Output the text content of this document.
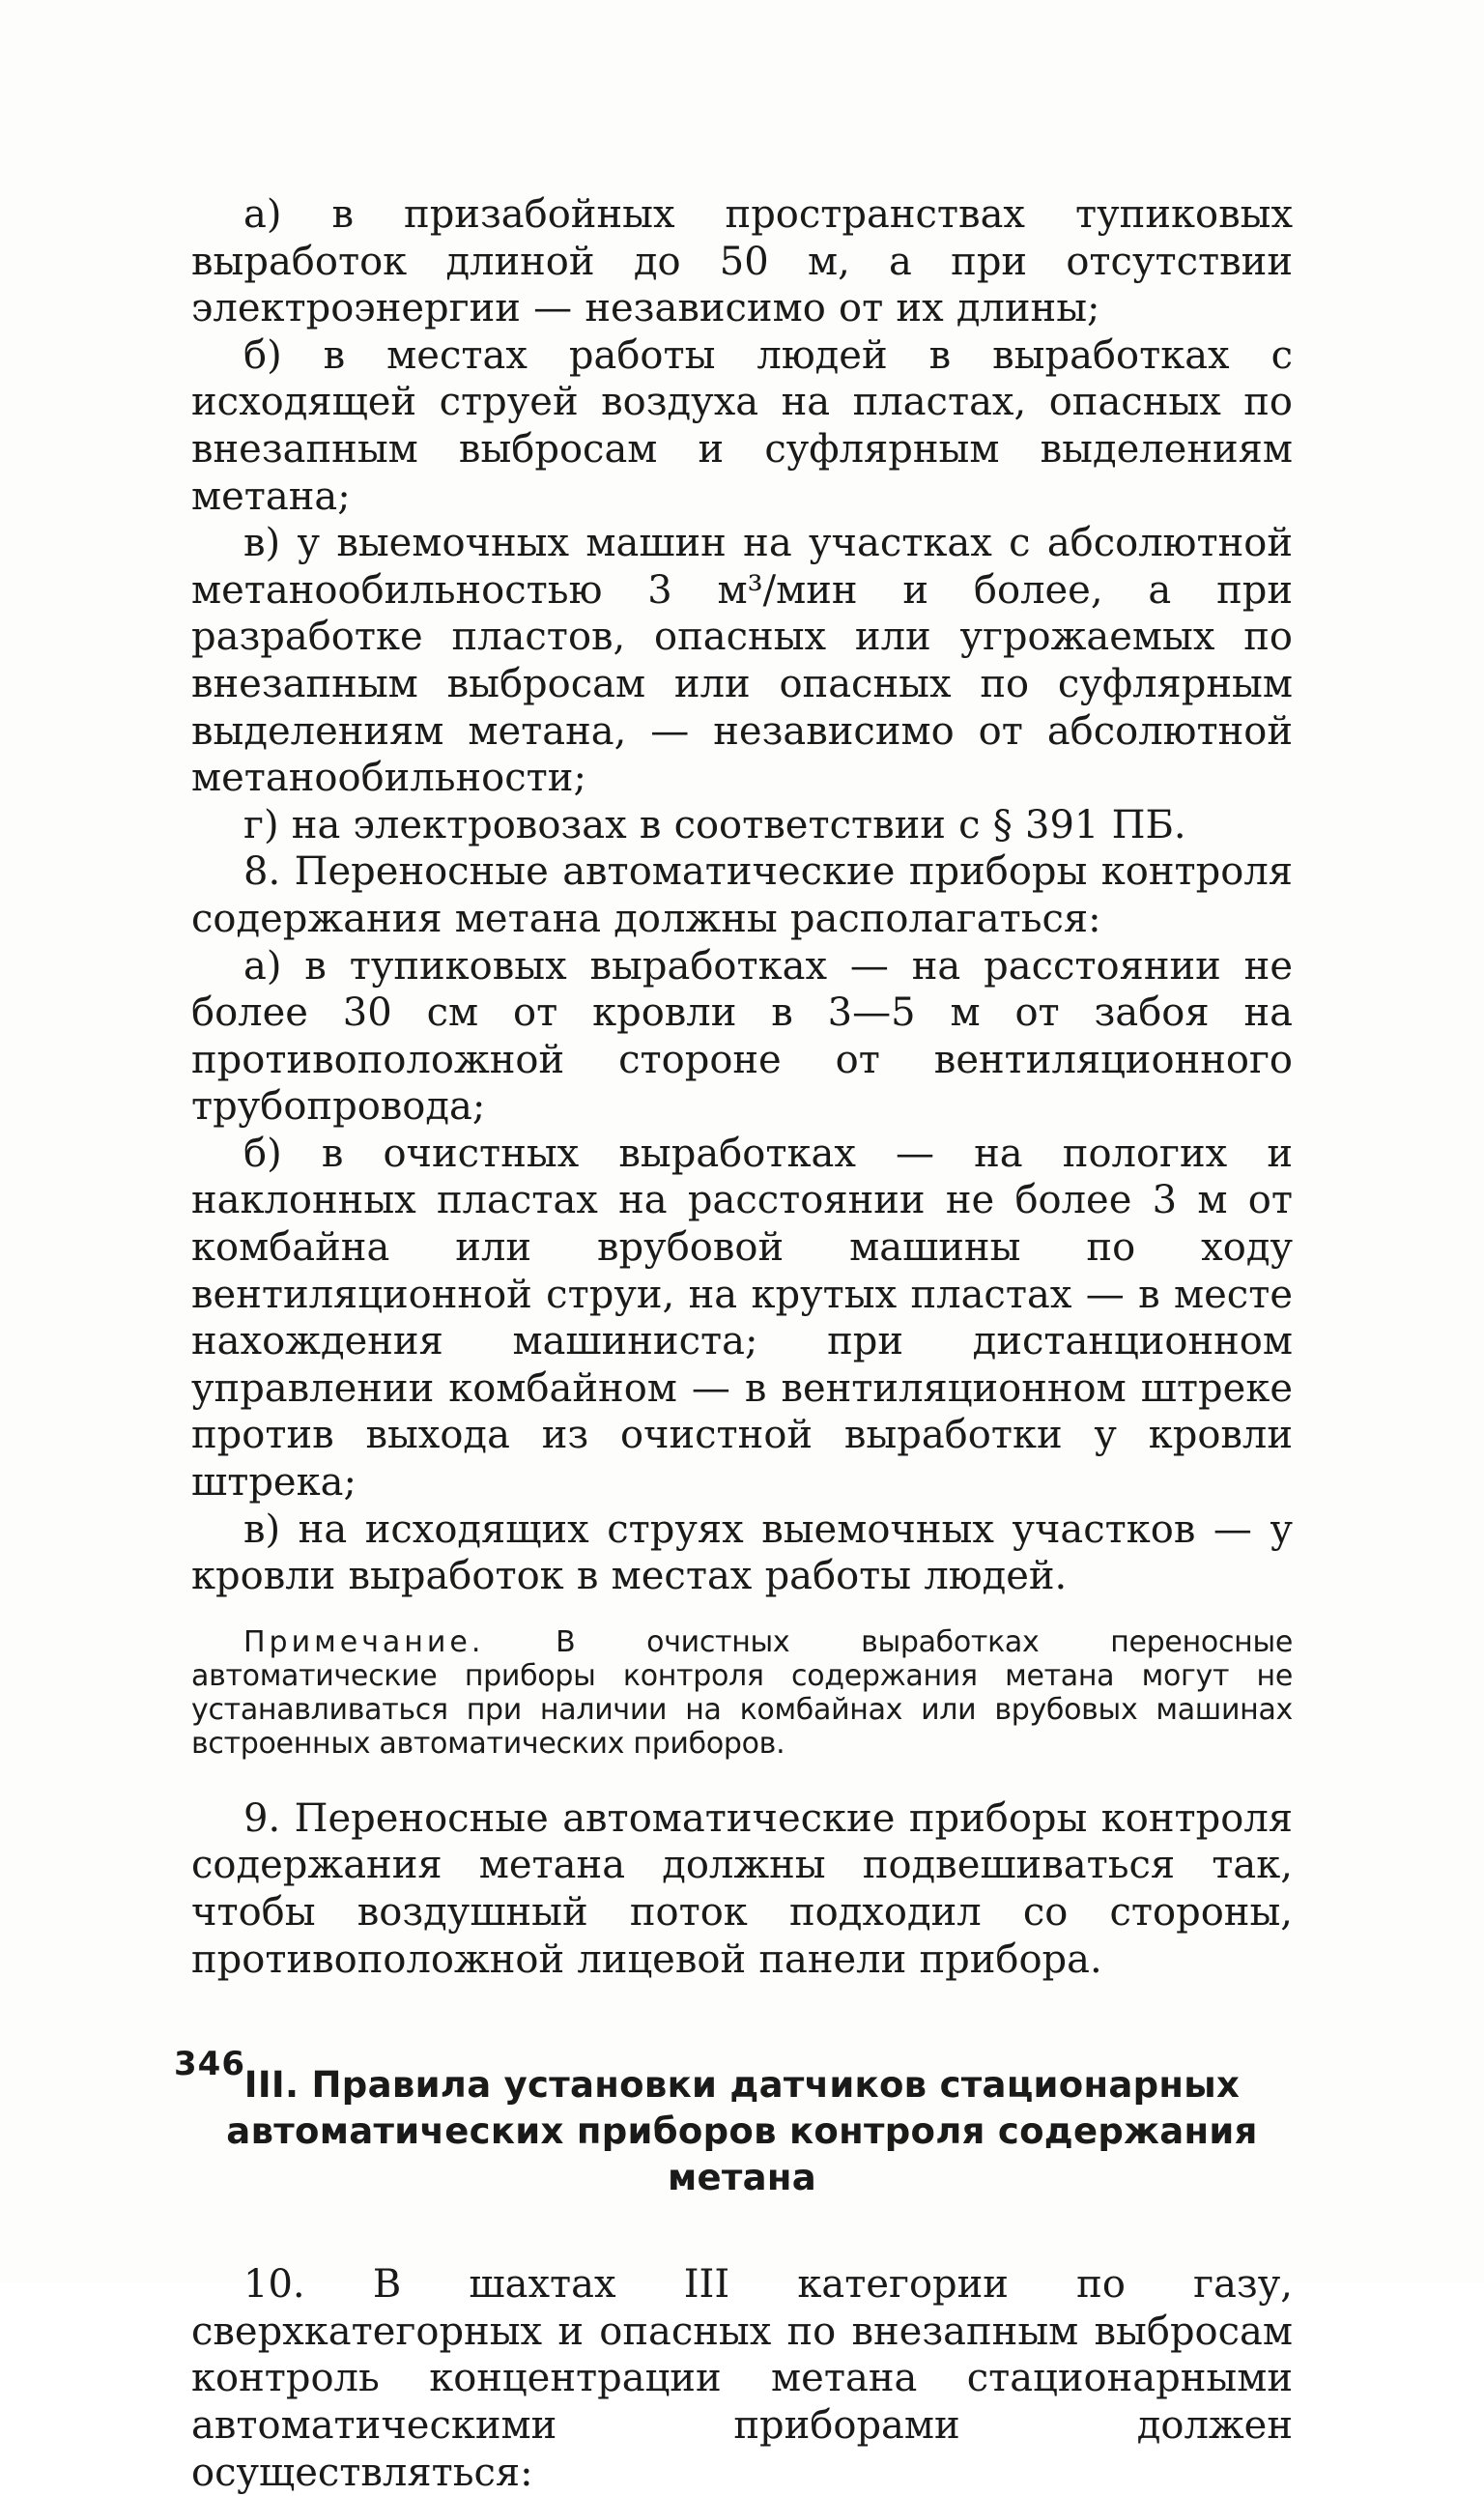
а) в призабойных пространствах тупиковых выработок длиной до 50 м, а при отсутствии электроэнергии — независимо от их длины;

б) в местах работы людей в выработках с исходящей струей воздуха на пластах, опасных по внезапным выбросам и суфлярным выделениям метана;

в) у выемочных машин на участках с абсолютной метанообильностью 3 м³/мин и более, а при разработке пластов, опасных или угрожаемых по внезапным выбросам или опасных по суфлярным выделениям метана, — независимо от абсолютной метанообильности;

г) на электровозах в соответствии с § 391 ПБ.

8. Переносные автоматические приборы контроля содержания метана должны располагаться:

а) в тупиковых выработках — на расстоянии не более 30 см от кровли в 3—5 м от забоя на противоположной стороне от вентиляционного трубопровода;

б) в очистных выработках — на пологих и наклонных пластах на расстоянии не более 3 м от комбайна или врубовой машины по ходу вентиляционной струи, на крутых пластах — в месте нахождения машиниста; при дистанционном управлении комбайном — в вентиляционном штреке против выхода из очистной выработки у кровли штрека;

в) на исходящих струях выемочных участков — у кровли выработок в местах работы людей.

Примечание. В очистных выработках переносные автоматические приборы контроля содержания метана могут не устанавливаться при наличии на комбайнах или врубовых машинах встроенных автоматических приборов.

9. Переносные автоматические приборы контроля содержания метана должны подвешиваться так, чтобы воздушный поток подходил со стороны, противоположной лицевой панели прибора.

III. Правила установки датчиков стационарных автоматических приборов контроля содержания метана

10. В шахтах III категории по газу, сверхкатегорных и опасных по внезапным выбросам контроль концентрации метана стационарными автоматическими приборами должен осуществляться:

346
